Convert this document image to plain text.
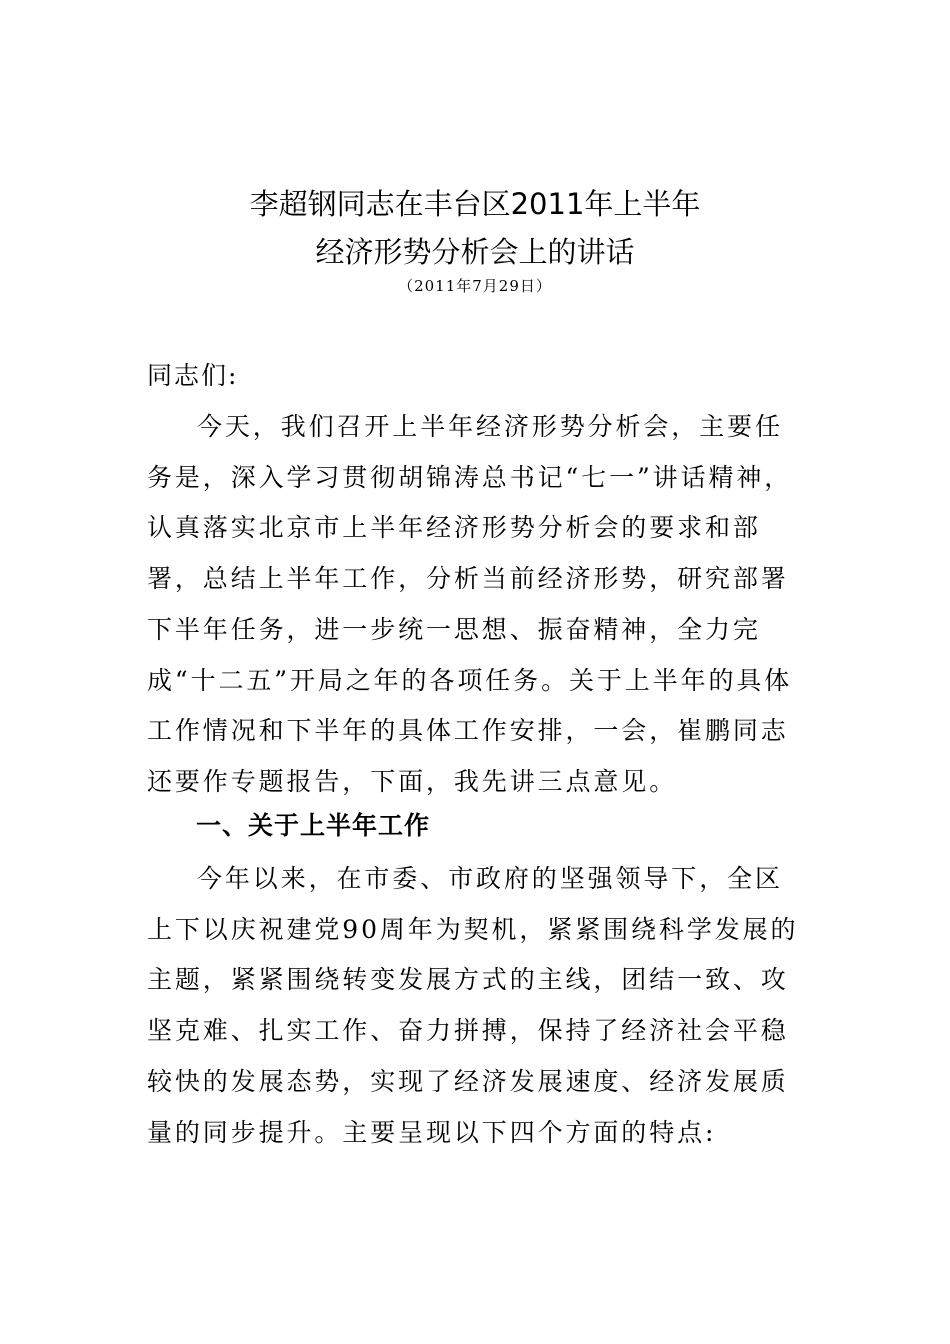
李超钢同志在丰台区2011年上半年
经济形势分析会上的讲话
（2011年7月29日）
同志们:

今天，我们召开上半年经济形势分析会，主要任务是，深入学习贯彻胡锦涛总书记“七一”讲话精神，认真落实北京市上半年经济形势分析会的要求和部署，总结上半年工作，分析当前经济形势，研究部署下半年任务，进一步统一思想、振奋精神，全力完成“十二五”开局之年的各项任务。关于上半年的具体工作情况和下半年的具体工作安排，一会，崔鹏同志还要作专题报告，下面，我先讲三点意见。

一、关于上半年工作

今年以来，在市委、市政府的坚强领导下，全区上下以庆祝建党90周年为契机，紧紧围绕科学发展的主题，紧紧围绕转变发展方式的主线，团结一致、攻坚克难、扎实工作、奋力拼搏，保持了经济社会平稳较快的发展态势，实现了经济发展速度、经济发展质量的同步提升。主要呈现以下四个方面的特点:
